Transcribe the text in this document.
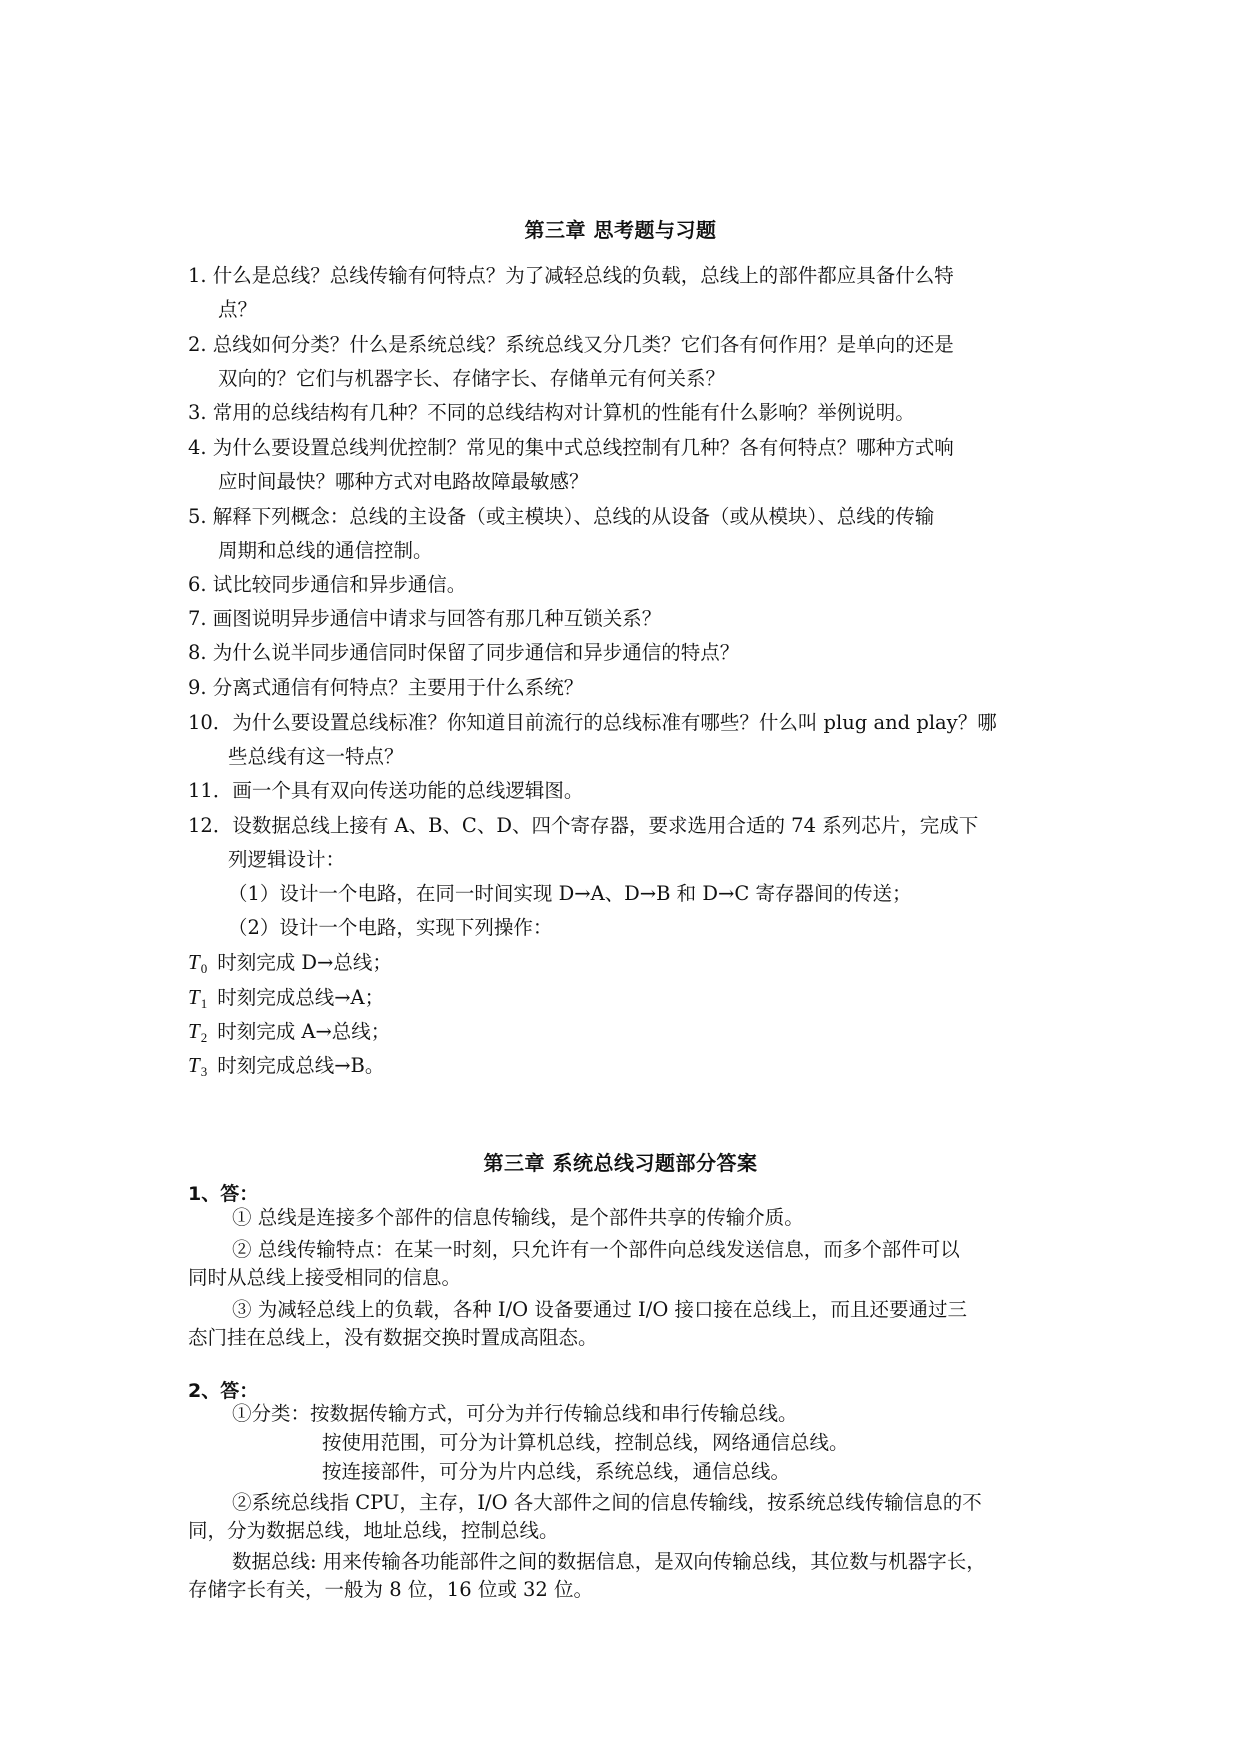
第三章 思考题与习题
1. 什么是总线？总线传输有何特点？为了减轻总线的负载，总线上的部件都应具备什么特
点？
2. 总线如何分类？什么是系统总线？系统总线又分几类？它们各有何作用？是单向的还是
双向的？它们与机器字长、存储字长、存储单元有何关系？
3. 常用的总线结构有几种？不同的总线结构对计算机的性能有什么影响？举例说明。
4. 为什么要设置总线判优控制？常见的集中式总线控制有几种？各有何特点？哪种方式响
应时间最快？哪种方式对电路故障最敏感？
5. 解释下列概念：总线的主设备（或主模块）、总线的从设备（或从模块）、总线的传输
周期和总线的通信控制。
6. 试比较同步通信和异步通信。
7. 画图说明异步通信中请求与回答有那几种互锁关系？
8. 为什么说半同步通信同时保留了同步通信和异步通信的特点？
9. 分离式通信有何特点？主要用于什么系统？
10．为什么要设置总线标准？你知道目前流行的总线标准有哪些？什么叫 plug and play？哪
些总线有这一特点？
11．画一个具有双向传送功能的总线逻辑图。
12．设数据总线上接有 A、B、C、D、四个寄存器，要求选用合适的 74 系列芯片，完成下
列逻辑设计：
（1）设计一个电路，在同一时间实现 D→A、D→B 和 D→C 寄存器间的传送；
（2）设计一个电路，实现下列操作：
$T_0$ 时刻完成 D→总线；
$T_1$ 时刻完成总线→A；
$T_2$ 时刻完成 A→总线；
$T_3$ 时刻完成总线→B。
第三章 系统总线习题部分答案
1、答：
① 总线是连接多个部件的信息传输线，是个部件共享的传输介质。
② 总线传输特点：在某一时刻，只允许有一个部件向总线发送信息，而多个部件可以
同时从总线上接受相同的信息。
③ 为减轻总线上的负载，各种 I/O 设备要通过 I/O 接口接在总线上，而且还要通过三
态门挂在总线上，没有数据交换时置成高阻态。
2、答：
①分类：按数据传输方式，可分为并行传输总线和串行传输总线。
按使用范围，可分为计算机总线，控制总线，网络通信总线。
按连接部件，可分为片内总线，系统总线，通信总线。
②系统总线指 CPU，主存，I/O 各大部件之间的信息传输线，按系统总线传输信息的不
同，分为数据总线，地址总线，控制总线。
数据总线: 用来传输各功能部件之间的数据信息，是双向传输总线，其位数与机器字长，
存储字长有关，一般为 8 位，16 位或 32 位。
